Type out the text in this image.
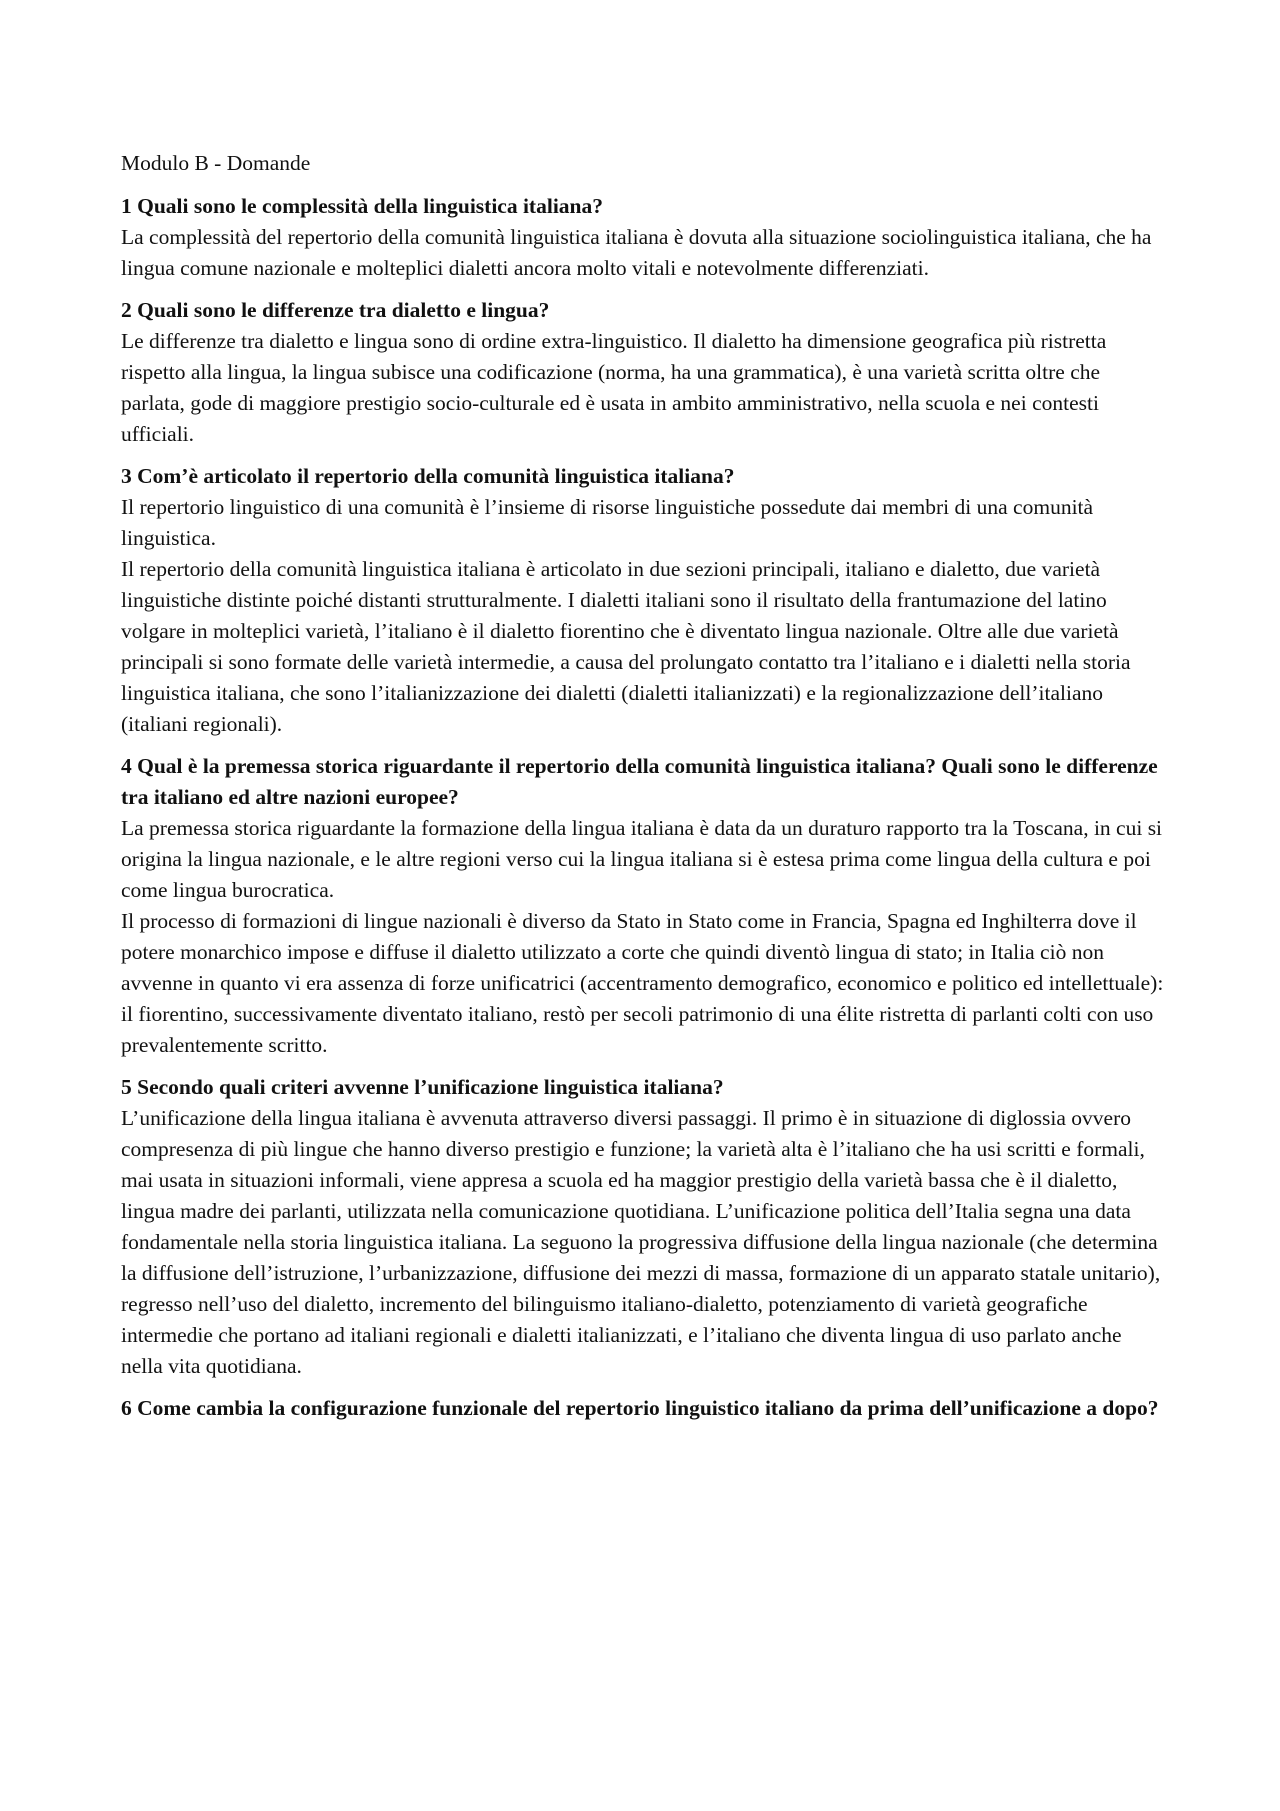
Modulo B - Domande
1 Quali sono le complessità della linguistica italiana?

La complessità del repertorio della comunità linguistica italiana è dovuta alla situazione sociolinguistica italiana, che ha lingua comune nazionale e molteplici dialetti ancora molto vitali e notevolmente differenziati.

2 Quali sono le differenze tra dialetto e lingua?

Le differenze tra dialetto e lingua sono di ordine extra-linguistico. Il dialetto ha dimensione geografica più ristretta rispetto alla lingua, la lingua subisce una codificazione (norma, ha una grammatica), è una varietà scritta oltre che parlata, gode di maggiore prestigio socio-culturale ed è usata in ambito amministrativo, nella scuola e nei contesti ufficiali.

3 Com’è articolato il repertorio della comunità linguistica italiana?

Il repertorio linguistico di una comunità è l’insieme di risorse linguistiche possedute dai membri di una comunità linguistica.

Il repertorio della comunità linguistica italiana è articolato in due sezioni principali, italiano e dialetto, due varietà linguistiche distinte poiché distanti strutturalmente. I dialetti italiani sono il risultato della frantumazione del latino volgare in molteplici varietà, l’italiano è il dialetto fiorentino che è diventato lingua nazionale. Oltre alle due varietà principali si sono formate delle varietà intermedie, a causa del prolungato contatto tra l’italiano e i dialetti nella storia linguistica italiana, che sono l’italianizzazione dei dialetti (dialetti italianizzati) e la regionalizzazione dell’italiano (italiani regionali).

4 Qual è la premessa storica riguardante il repertorio della comunità linguistica italiana? Quali sono le differenze tra italiano ed altre nazioni europee?

La premessa storica riguardante la formazione della lingua italiana è data da un duraturo rapporto tra la Toscana, in cui si origina la lingua nazionale, e le altre regioni verso cui la lingua italiana si è estesa prima come lingua della cultura e poi come lingua burocratica.

Il processo di formazioni di lingue nazionali è diverso da Stato in Stato come in Francia, Spagna ed Inghilterra dove il potere monarchico impose e diffuse il dialetto utilizzato a corte che quindi diventò lingua di stato; in Italia ciò non avvenne in quanto vi era assenza di forze unificatrici (accentramento demografico, economico e politico ed intellettuale): il fiorentino, successivamente diventato italiano, restò per secoli patrimonio di una élite ristretta di parlanti colti con uso prevalentemente scritto.

5 Secondo quali criteri avvenne l’unificazione linguistica italiana?

L’unificazione della lingua italiana è avvenuta attraverso diversi passaggi. Il primo è in situazione di diglossia ovvero compresenza di più lingue che hanno diverso prestigio e funzione; la varietà alta è l’italiano che ha usi scritti e formali, mai usata in situazioni informali, viene appresa a scuola ed ha maggior prestigio della varietà bassa che è il dialetto, lingua madre dei parlanti, utilizzata nella comunicazione quotidiana. L’unificazione politica dell’Italia segna una data fondamentale nella storia linguistica italiana. La seguono la progressiva diffusione della lingua nazionale (che determina la diffusione dell’istruzione, l’urbanizzazione, diffusione dei mezzi di massa, formazione di un apparato statale unitario), regresso nell’uso del dialetto, incremento del bilinguismo italiano-dialetto, potenziamento di varietà geografiche intermedie che portano ad italiani regionali e dialetti italianizzati, e l’italiano che diventa lingua di uso parlato anche nella vita quotidiana.

6 Come cambia la configurazione funzionale del repertorio linguistico italiano da prima dell’unificazione a dopo?
